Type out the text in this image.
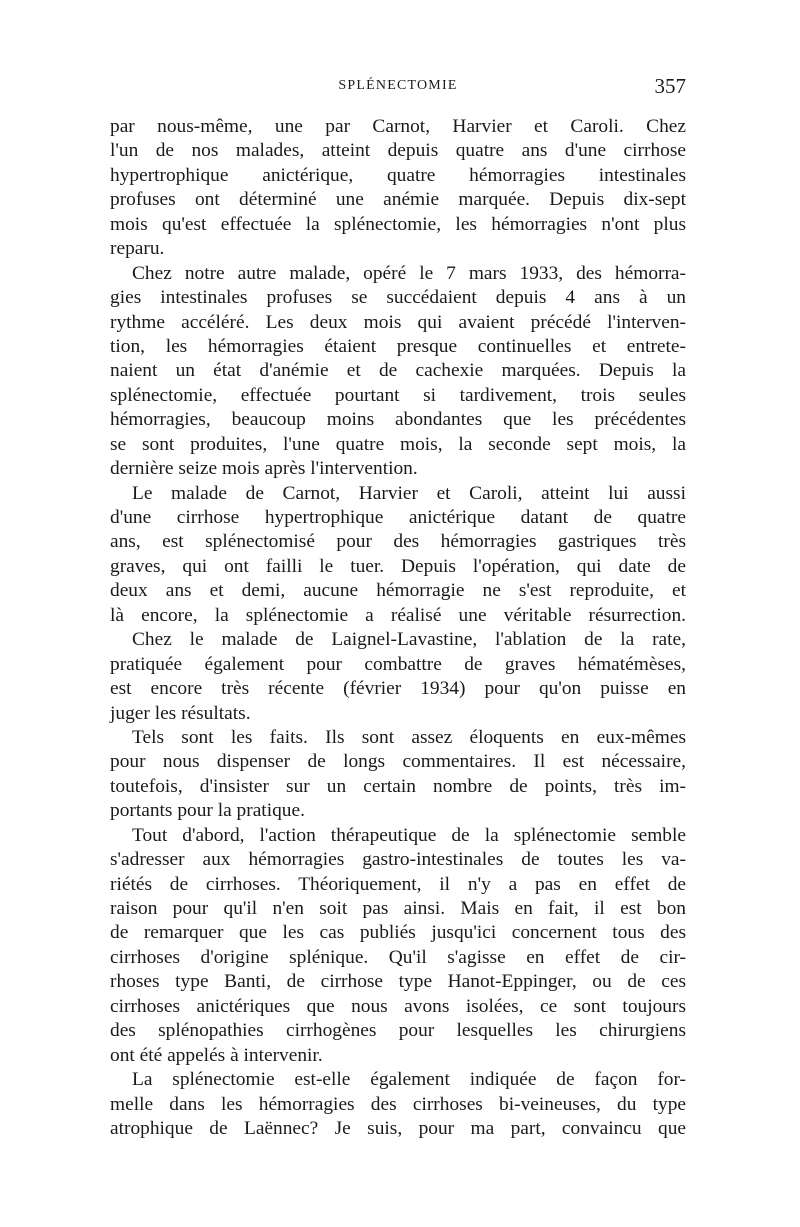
SPLÉNECTOMIE	357
par nous-même, une par Carnot, Harvier et Caroli. Chez
l'un de nos malades, atteint depuis quatre ans d'une cirrhose
hypertrophique anictérique, quatre hémorragies intestinales
profuses ont déterminé une anémie marquée. Depuis dix-sept
mois qu'est effectuée la splénectomie, les hémorragies n'ont plus
reparu.
Chez notre autre malade, opéré le 7 mars 1933, des hémorra-
gies intestinales profuses se succédaient depuis 4 ans à un
rythme accéléré. Les deux mois qui avaient précédé l'interven-
tion, les hémorragies étaient presque continuelles et entrete-
naient un état d'anémie et de cachexie marquées. Depuis la
splénectomie, effectuée pourtant si tardivement, trois seules
hémorragies, beaucoup moins abondantes que les précédentes
se sont produites, l'une quatre mois, la seconde sept mois, la
dernière seize mois après l'intervention.
Le malade de Carnot, Harvier et Caroli, atteint lui aussi
d'une cirrhose hypertrophique anictérique datant de quatre
ans, est splénectomisé pour des hémorragies gastriques très
graves, qui ont failli le tuer. Depuis l'opération, qui date de
deux ans et demi, aucune hémorragie ne s'est reproduite, et
là encore, la splénectomie a réalisé une véritable résurrection.
Chez le malade de Laignel-Lavastine, l'ablation de la rate,
pratiquée également pour combattre de graves hématémèses,
est encore très récente (février 1934) pour qu'on puisse en
juger les résultats.
Tels sont les faits. Ils sont assez éloquents en eux-mêmes
pour nous dispenser de longs commentaires. Il est nécessaire,
toutefois, d'insister sur un certain nombre de points, très im-
portants pour la pratique.
Tout d'abord, l'action thérapeutique de la splénectomie semble
s'adresser aux hémorragies gastro-intestinales de toutes les va-
riétés de cirrhoses. Théoriquement, il n'y a pas en effet de
raison pour qu'il n'en soit pas ainsi. Mais en fait, il est bon
de remarquer que les cas publiés jusqu'ici concernent tous des
cirrhoses d'origine splénique. Qu'il s'agisse en effet de cir-
rhoses type Banti, de cirrhose type Hanot-Eppinger, ou de ces
cirrhoses anictériques que nous avons isolées, ce sont toujours
des splénopathies cirrhogènes pour lesquelles les chirurgiens
ont été appelés à intervenir.
La splénectomie est-elle également indiquée de façon for-
melle dans les hémorragies des cirrhoses bi-veineuses, du type
atrophique de Laënnec? Je suis, pour ma part, convaincu que
